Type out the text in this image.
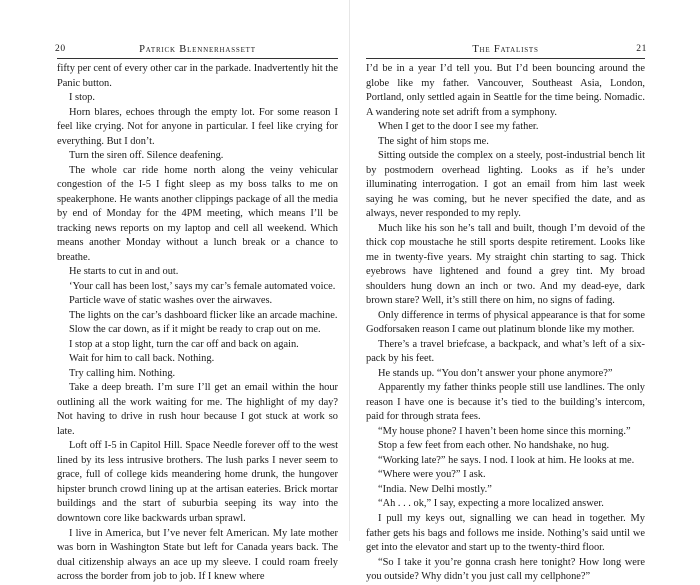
20	Patrick Blennerhassett

fifty per cent of every other car in the parkade. Inadvertently hit the Panic button.

I stop.

Horn blares, echoes through the empty lot. For some reason I feel like crying. Not for anyone in particular. I feel like crying for everything. But I don’t.

Turn the siren off. Silence deafening.

The whole car ride home north along the veiny vehicular congestion of the I-5 I fight sleep as my boss talks to me on speakerphone. He wants another clippings package of all the media by end of Monday for the 4PM meeting, which means I’ll be tracking news reports on my laptop and cell all weekend. Which means another Monday without a lunch break or a chance to breathe.

He starts to cut in and out.

‘Your call has been lost,’ says my car’s female automated voice.

Particle wave of static washes over the airwaves.

The lights on the car’s dashboard flicker like an arcade machine.

Slow the car down, as if it might be ready to crap out on me.

I stop at a stop light, turn the car off and back on again.

Wait for him to call back. Nothing.

Try calling him. Nothing.

Take a deep breath. I’m sure I’ll get an email within the hour outlining all the work waiting for me. The highlight of my day? Not having to drive in rush hour because I got stuck at work so late.

Loft off I-5 in Capitol Hill. Space Needle forever off to the west lined by its less intrusive brothers. The lush parks I never seem to grace, full of college kids meandering home drunk, the hungover hipster brunch crowd lining up at the artisan eateries. Brick mortar buildings and the start of suburbia seeping its way into the downtown core like backwards urban sprawl.

I live in America, but I’ve never felt American. My late mother was born in Washington State but left for Canada years back. The dual citizenship always an ace up my sleeve. I could roam freely across the border from job to job. If I knew where

The Fatalists	21

I’d be in a year I’d tell you. But I’d been bouncing around the globe like my father. Vancouver, Southeast Asia, London, Portland, only settled again in Seattle for the time being. Nomadic. A wandering note set adrift from a symphony.

When I get to the door I see my father.

The sight of him stops me.

Sitting outside the complex on a steely, post-industrial bench lit by postmodern overhead lighting. Looks as if he’s under illuminating interrogation. I got an email from him last week saying he was coming, but he never specified the date, and as always, never responded to my reply.

Much like his son he’s tall and built, though I’m devoid of the thick cop moustache he still sports despite retirement. Looks like me in twenty-five years. My straight chin starting to sag. Thick eyebrows have lightened and found a grey tint. My broad shoulders hung down an inch or two. And my dead-eye, dark brown stare? Well, it’s still there on him, no signs of fading.

Only difference in terms of physical appearance is that for some Godforsaken reason I came out platinum blonde like my mother.

There’s a travel briefcase, a backpack, and what’s left of a six-pack by his feet.

He stands up. “You don’t answer your phone anymore?”

Apparently my father thinks people still use landlines. The only reason I have one is because it’s tied to the building’s intercom, paid for through strata fees.

“My house phone? I haven’t been home since this morning.”

Stop a few feet from each other. No handshake, no hug.

“Working late?” he says. I nod. I look at him. He looks at me.

“Where were you?” I ask.

“India. New Delhi mostly.”

“Ah . . . ok,” I say, expecting a more localized answer.

I pull my keys out, signalling we can head in together. My father gets his bags and follows me inside. Nothing’s said until we get into the elevator and start up to the twenty-third floor.

“So I take it you’re gonna crash here tonight? How long were you outside? Why didn’t you just call my cellphone?”
